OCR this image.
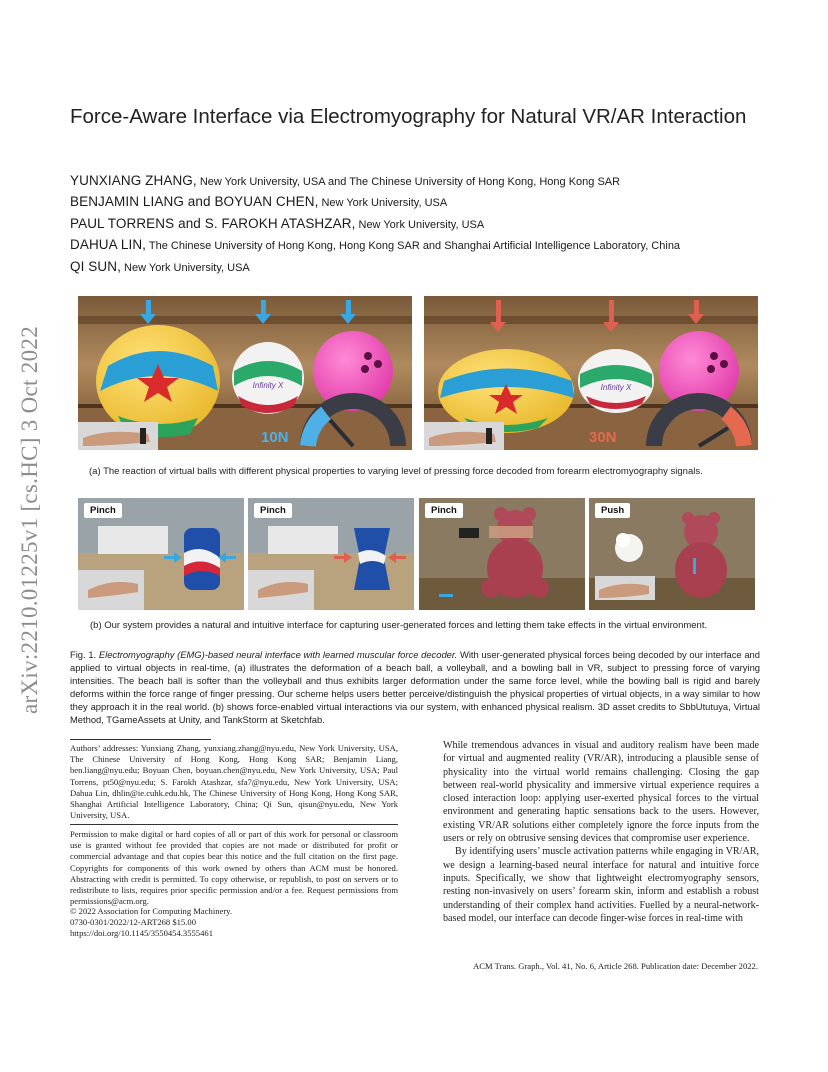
arXiv:2210.01225v1 [cs.HC] 3 Oct 2022
Force-Aware Interface via Electromyography for Natural VR/AR Interaction
YUNXIANG ZHANG, New York University, USA and The Chinese University of Hong Kong, Hong Kong SAR
BENJAMIN LIANG and BOYUAN CHEN, New York University, USA
PAUL TORRENS and S. FAROKH ATASHZAR, New York University, USA
DAHUA LIN, The Chinese University of Hong Kong, Hong Kong SAR and Shanghai Artificial Intelligence Laboratory, China
QI SUN, New York University, USA
Infinity X
10N
Infinity X
30N
(a) The reaction of virtual balls with different physical properties to varying level of pressing force decoded from forearm electromyography signals.
Pinch	Pinch	Pinch	Push
(b) Our system provides a natural and intuitive interface for capturing user-generated forces and letting them take effects in the virtual environment.
Fig. 1. Electromyography (EMG)-based neural interface with learned muscular force decoder. With user-generated physical forces being decoded by our interface and applied to virtual objects in real-time, (a) illustrates the deformation of a beach ball, a volleyball, and a bowling ball in VR, subject to pressing force of varying intensities. The beach ball is softer than the volleyball and thus exhibits larger deformation under the same force level, while the bowling ball is rigid and barely deforms within the force range of finger pressing. Our scheme helps users better perceive/distinguish the physical properties of virtual objects, in a way similar to how they approach it in the real world. (b) shows force-enabled virtual interactions via our system, with enhanced physical realism. 3D asset credits to SbbUtutuya, Virtual Method, TGameAssets at Unity, and TankStorm at Sketchfab.
Authors’ addresses: Yunxiang Zhang, yunxiang.zhang@nyu.edu, New York University, USA, The Chinese University of Hong Kong, Hong Kong SAR; Benjamin Liang, ben.liang@nyu.edu; Boyuan Chen, boyuan.chen@nyu.edu, New York University, USA; Paul Torrens, pt50@nyu.edu; S. Farokh Atashzar, sfa7@nyu.edu, New York University, USA; Dahua Lin, dhlin@ie.cuhk.edu.hk, The Chinese University of Hong Kong, Hong Kong SAR, Shanghai Artificial Intelligence Laboratory, China; Qi Sun, qisun@nyu.edu, New York University, USA.
Permission to make digital or hard copies of all or part of this work for personal or classroom use is granted without fee provided that copies are not made or distributed for profit or commercial advantage and that copies bear this notice and the full citation on the first page. Copyrights for components of this work owned by others than ACM must be honored. Abstracting with credit is permitted. To copy otherwise, or republish, to post on servers or to redistribute to lists, requires prior specific permission and/or a fee. Request permissions from permissions@acm.org.
© 2022 Association for Computing Machinery.
0730-0301/2022/12-ART268 $15.00
https://doi.org/10.1145/3550454.3555461

While tremendous advances in visual and auditory realism have been made for virtual and augmented reality (VR/AR), introducing a plausible sense of physicality into the virtual world remains challenging. Closing the gap between real-world physicality and immersive virtual experience requires a closed interaction loop: applying user-exerted physical forces to the virtual environment and generating haptic sensations back to the users. However, existing VR/AR solutions either completely ignore the force inputs from the users or rely on obtrusive sensing devices that compromise user experience.

By identifying users’ muscle activation patterns while engaging in VR/AR, we design a learning-based neural interface for natural and intuitive force inputs. Specifically, we show that lightweight electromyography sensors, resting non-invasively on users’ forearm skin, inform and establish a robust understanding of their complex hand activities. Fuelled by a neural-network-based model, our interface can decode finger-wise forces in real-time with

ACM Trans. Graph., Vol. 41, No. 6, Article 268. Publication date: December 2022.
